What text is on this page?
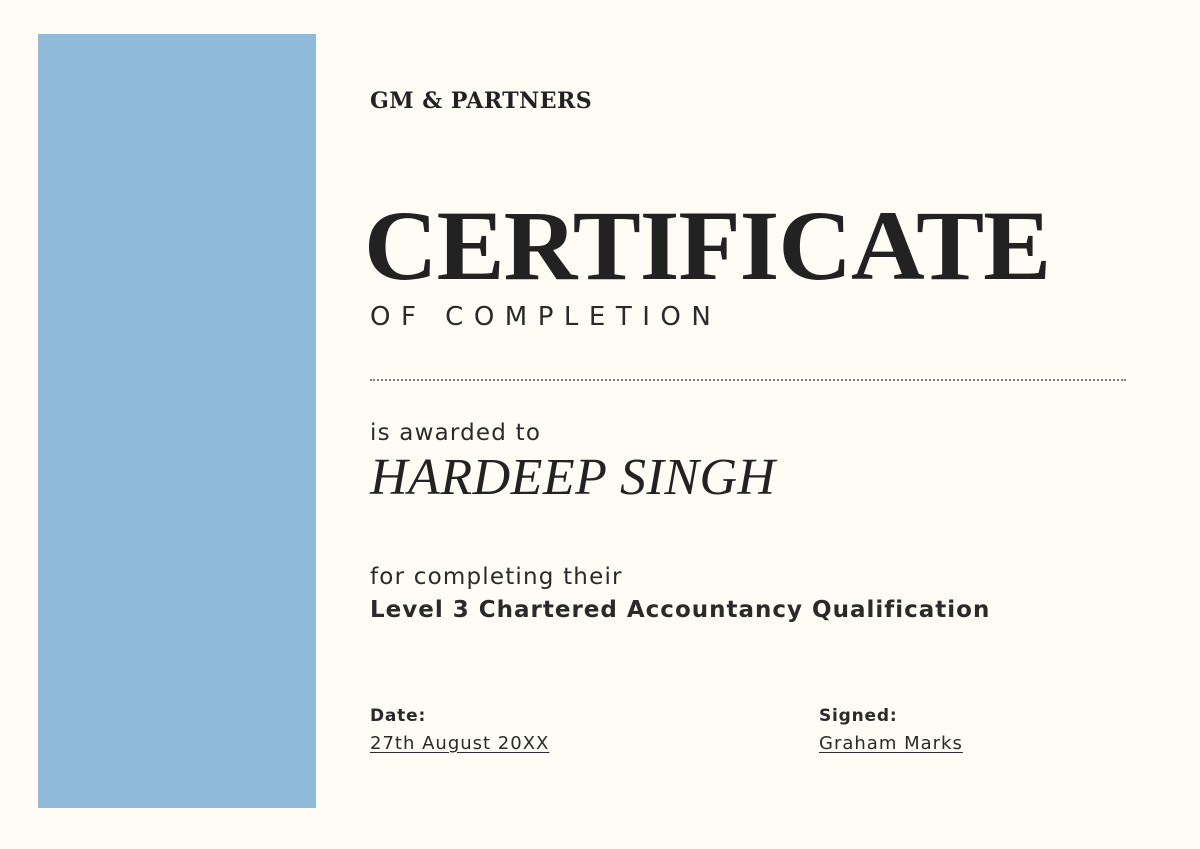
GM & PARTNERS
CERTIFICATE
OF COMPLETION
is awarded to
HARDEEP SINGH
for completing their
Level 3 Chartered Accountancy Qualification
Date:
27th August 20XX
Signed:
Graham Marks
